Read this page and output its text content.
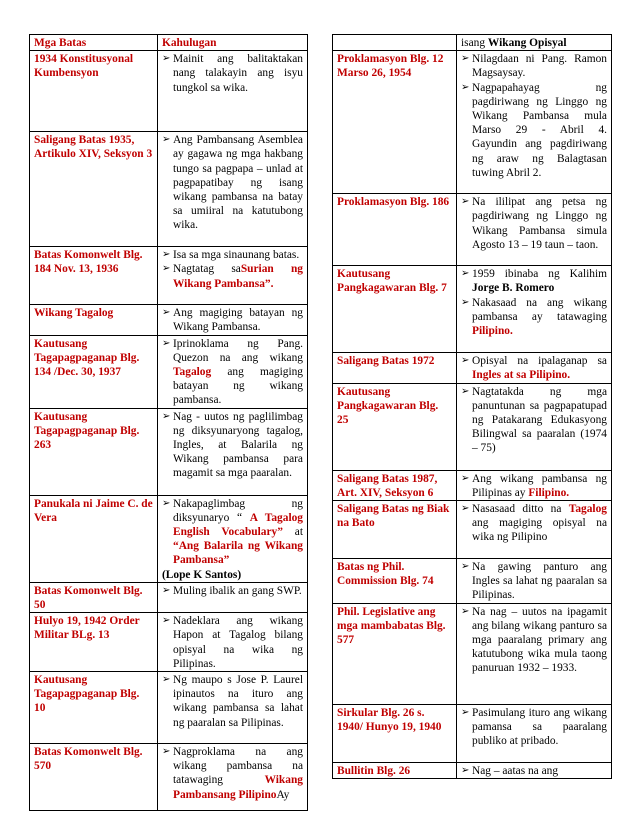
Mga Batas	Kahulugan
1934 Konstitusyonal Kumbensyon	➢ Mainit ang balitaktakan nang talakayin ang isyu tungkol sa wika.

Saligang Batas 1935, Artikulo XIV, Seksyon 3	➢ Ang Pambansang Asemblea ay gagawa ng mga hakbang tungo sa pagpapa – unlad at pagpapatibay ng isang wikang pambansa na batay sa umiiral na katutubong wika.

Batas Komonwelt Blg. 184 Nov. 13, 1936	➢ Isa sa mga sinaunang batas.
➢ Nagtatag saSurian ng Wikang Pambansa”.

Wikang Tagalog	➢ Ang magiging batayan ng Wikang Pambansa.

Kautusang Tagapagpaganap Blg. 134 /Dec. 30, 1937	➢ Iprinoklama ng Pang. Quezon na ang wikang Tagalog ang magiging batayan ng wikang pambansa.

Kautusang Tagapagpaganap Blg. 263	➢ Nag - uutos ng paglilimbag ng diksyunaryong tagalog, Ingles, at Balarila ng Wikang pambansa para magamit sa mga paaralan.

Panukala ni Jaime C. de Vera	➢ Nakapaglimbag ng diksyunaryo “ A Tagalog English Vocabulary” at “Ang Balarila ng Wikang Pambansa”
(Lope K Santos)

Batas Komonwelt Blg. 50	➢ Muling ibalik an gang SWP.

Hulyo 19, 1942 Order Militar BLg. 13	➢ Nadeklara ang wikang Hapon at Tagalog bilang opisyal na wika ng Pilipinas.

Kautusang Tagapagpaganap Blg. 10	➢ Ng maupo s Jose P. Laurel ipinautos na ituro ang wikang pambansa sa lahat ng paaralan sa Pilipinas.

Batas Komonwelt Blg. 570	➢ Nagproklama na ang wikang pambansa na tatawaging Wikang Pambansang PilipinoAy

	isang Wikang Opisyal

Proklamasyon Blg. 12 Marso 26, 1954	➢ Nilagdaan ni Pang. Ramon Magsaysay.
➢ Nagpapahayag ng pagdiriwang ng Linggo ng Wikang Pambansa mula Marso 29 - Abril 4. Gayundin ang pagdiriwang ng araw ng Balagtasan tuwing Abril 2.

Proklamasyon Blg. 186	➢ Na ililipat ang petsa ng pagdiriwang ng Linggo ng Wikang Pambansa simula Agosto 13 – 19 taun – taon.

Kautusang Pangkagawaran Blg. 7	➢ 1959 ibinaba ng Kalihim Jorge B. Romero
➢ Nakasaad na ang wikang pambansa ay tatawaging Pilipino.

Saligang Batas 1972	➢ Opisyal na ipalaganap sa Ingles at sa Pilipino.

Kautusang Pangkagawaran Blg. 25	➢ Nagtatakda ng mga panuntunan sa pagpapatupad ng Patakarang Edukasyong Bilingwal sa paaralan (1974 – 75)

Saligang Batas 1987, Art. XIV, Seksyon 6	➢ Ang wikang pambansa ng Pilipinas ay Filipino.

Saligang Batas ng Biak na Bato	➢ Nasasaad ditto na Tagalog ang magiging opisyal na wika ng Pilipino

Batas ng Phil. Commission Blg. 74	➢ Na gawing panturo ang Ingles sa lahat ng paaralan sa Pilipinas.

Phil. Legislative ang mga mambabatas Blg. 577	➢ Na nag – uutos na ipagamit ang bilang wikang panturo sa mga paaralang primary ang katutubong wika mula taong panuruan 1932 – 1933.

Sirkular Blg. 26 s. 1940/ Hunyo 19, 1940	➢ Pasimulang ituro ang wikang pamansa sa paaralang publiko at pribado.

Bullitin Blg. 26	➢ Nag – aatas na ang
